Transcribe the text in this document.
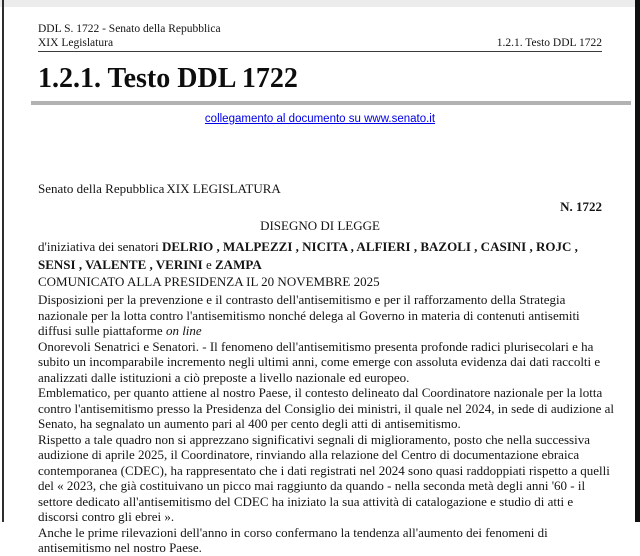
DDL S. 1722 - Senato della Repubblica
XIX Legislatura	1.2.1. Testo DDL 1722
1.2.1. Testo DDL 1722
collegamento al documento su www.senato.it
Senato della Repubblica XIX LEGISLATURA
N. 1722
DISEGNO DI LEGGE

d'iniziativa dei senatori DELRIO , MALPEZZI , NICITA , ALFIERI , BAZOLI , CASINI , ROJC , SENSI , VALENTE , VERINI e ZAMPA

COMUNICATO ALLA PRESIDENZA IL 20 NOVEMBRE 2025

Disposizioni per la prevenzione e il contrasto dell'antisemitismo e per il rafforzamento della Strategia nazionale per la lotta contro l'antisemitismo nonché delega al Governo in materia di contenuti antisemiti diffusi sulle piattaforme on line

Onorevoli Senatrici e Senatori. - Il fenomeno dell'antisemitismo presenta profonde radici plurisecolari e ha subito un incomparabile incremento negli ultimi anni, come emerge con assoluta evidenza dai dati raccolti e analizzati dalle istituzioni a ciò preposte a livello nazionale ed europeo.

Emblematico, per quanto attiene al nostro Paese, il contesto delineato dal Coordinatore nazionale per la lotta contro l'antisemitismo presso la Presidenza del Consiglio dei ministri, il quale nel 2024, in sede di audizione al Senato, ha segnalato un aumento pari al 400 per cento degli atti di antisemitismo.

Rispetto a tale quadro non si apprezzano significativi segnali di miglioramento, posto che nella successiva audizione di aprile 2025, il Coordinatore, rinviando alla relazione del Centro di documentazione ebraica contemporanea (CDEC), ha rappresentato che i dati registrati nel 2024 sono quasi raddoppiati rispetto a quelli del « 2023, che già costituivano un picco mai raggiunto da quando - nella seconda metà degli anni '60 - il settore dedicato all'antisemitismo del CDEC ha iniziato la sua attività di catalogazione e studio di atti e discorsi contro gli ebrei ».

Anche le prime rilevazioni dell'anno in corso confermano la tendenza all'aumento dei fenomeni di antisemitismo nel nostro Paese.
